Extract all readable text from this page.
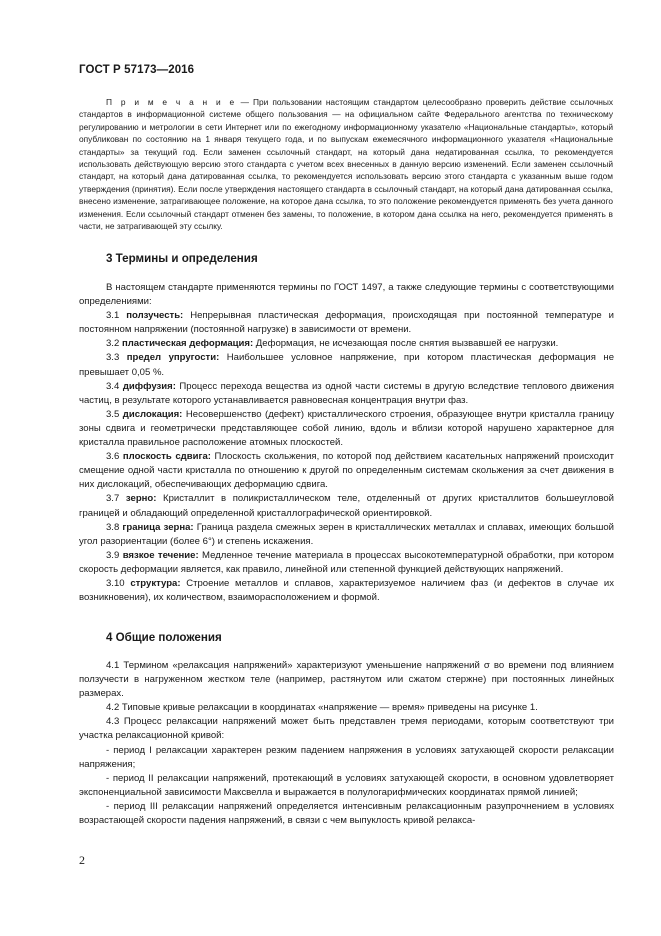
ГОСТ Р 57173—2016

П р и м е ч а н и е — При пользовании настоящим стандартом целесообразно проверить действие ссылочных стандартов в информационной системе общего пользования — на официальном сайте Федерального агентства по техническому регулированию и метрологии в сети Интернет или по ежегодному информационному указателю «Национальные стандарты», который опубликован по состоянию на 1 января текущего года, и по выпускам ежемесячного информационного указателя «Национальные стандарты» за текущий год. Если заменен ссылочный стандарт, на который дана недатированная ссылка, то рекомендуется использовать действующую версию этого стандарта с учетом всех внесенных в данную версию изменений. Если заменен ссылочный стандарт, на который дана датированная ссылка, то рекомендуется использовать версию этого стандарта с указанным выше годом утверждения (принятия). Если после утверждения настоящего стандарта в ссылочный стандарт, на который дана датированная ссылка, внесено изменение, затрагивающее положение, на которое дана ссылка, то это положение рекомендуется применять без учета данного изменения. Если ссылочный стандарт отменен без замены, то положение, в котором дана ссылка на него, рекомендуется применять в части, не затрагивающей эту ссылку.

3 Термины и определения

В настоящем стандарте применяются термины по ГОСТ 1497, а также следующие термины с соответствующими определениями:

3.1 ползучесть: Непрерывная пластическая деформация, происходящая при постоянной температуре и постоянном напряжении (постоянной нагрузке) в зависимости от времени.

3.2 пластическая деформация: Деформация, не исчезающая после снятия вызвавшей ее нагрузки.

3.3 предел упругости: Наибольшее условное напряжение, при котором пластическая деформация не превышает 0,05 %.

3.4 диффузия: Процесс перехода вещества из одной части системы в другую вследствие теплового движения частиц, в результате которого устанавливается равновесная концентрация внутри фаз.

3.5 дислокация: Несовершенство (дефект) кристаллического строения, образующее внутри кристалла границу зоны сдвига и геометрически представляющее собой линию, вдоль и вблизи которой нарушено характерное для кристалла правильное расположение атомных плоскостей.

3.6 плоскость сдвига: Плоскость скольжения, по которой под действием касательных напряжений происходит смещение одной части кристалла по отношению к другой по определенным системам скольжения за счет движения в них дислокаций, обеспечивающих деформацию сдвига.

3.7 зерно: Кристаллит в поликристаллическом теле, отделенный от других кристаллитов большеугловой границей и обладающий определенной кристаллографической ориентировкой.

3.8 граница зерна: Граница раздела смежных зерен в кристаллических металлах и сплавах, имеющих большой угол разориентации (более 6°) и степень искажения.

3.9 вязкое течение: Медленное течение материала в процессах высокотемпературной обработки, при котором скорость деформации является, как правило, линейной или степенной функцией действующих напряжений.

3.10 структура: Строение металлов и сплавов, характеризуемое наличием фаз (и дефектов в случае их возникновения), их количеством, взаиморасположением и формой.

4 Общие положения

4.1 Термином «релаксация напряжений» характеризуют уменьшение напряжений σ во времени под влиянием ползучести в нагруженном жестком теле (например, растянутом или сжатом стержне) при постоянных линейных размерах.

4.2 Типовые кривые релаксации в координатах «напряжение — время» приведены на рисунке 1.

4.3 Процесс релаксации напряжений может быть представлен тремя периодами, которым соответствуют три участка релаксационной кривой:

- период I релаксации характерен резким падением напряжения в условиях затухающей скорости релаксации напряжения;

- период II релаксации напряжений, протекающий в условиях затухающей скорости, в основном удовлетворяет экспоненциальной зависимости Максвелла и выражается в полулогарифмических координатах прямой линией;

- период III релаксации напряжений определяется интенсивным релаксационным разупрочнением в условиях возрастающей скорости падения напряжений, в связи с чем выпуклость кривой релакса-

2
